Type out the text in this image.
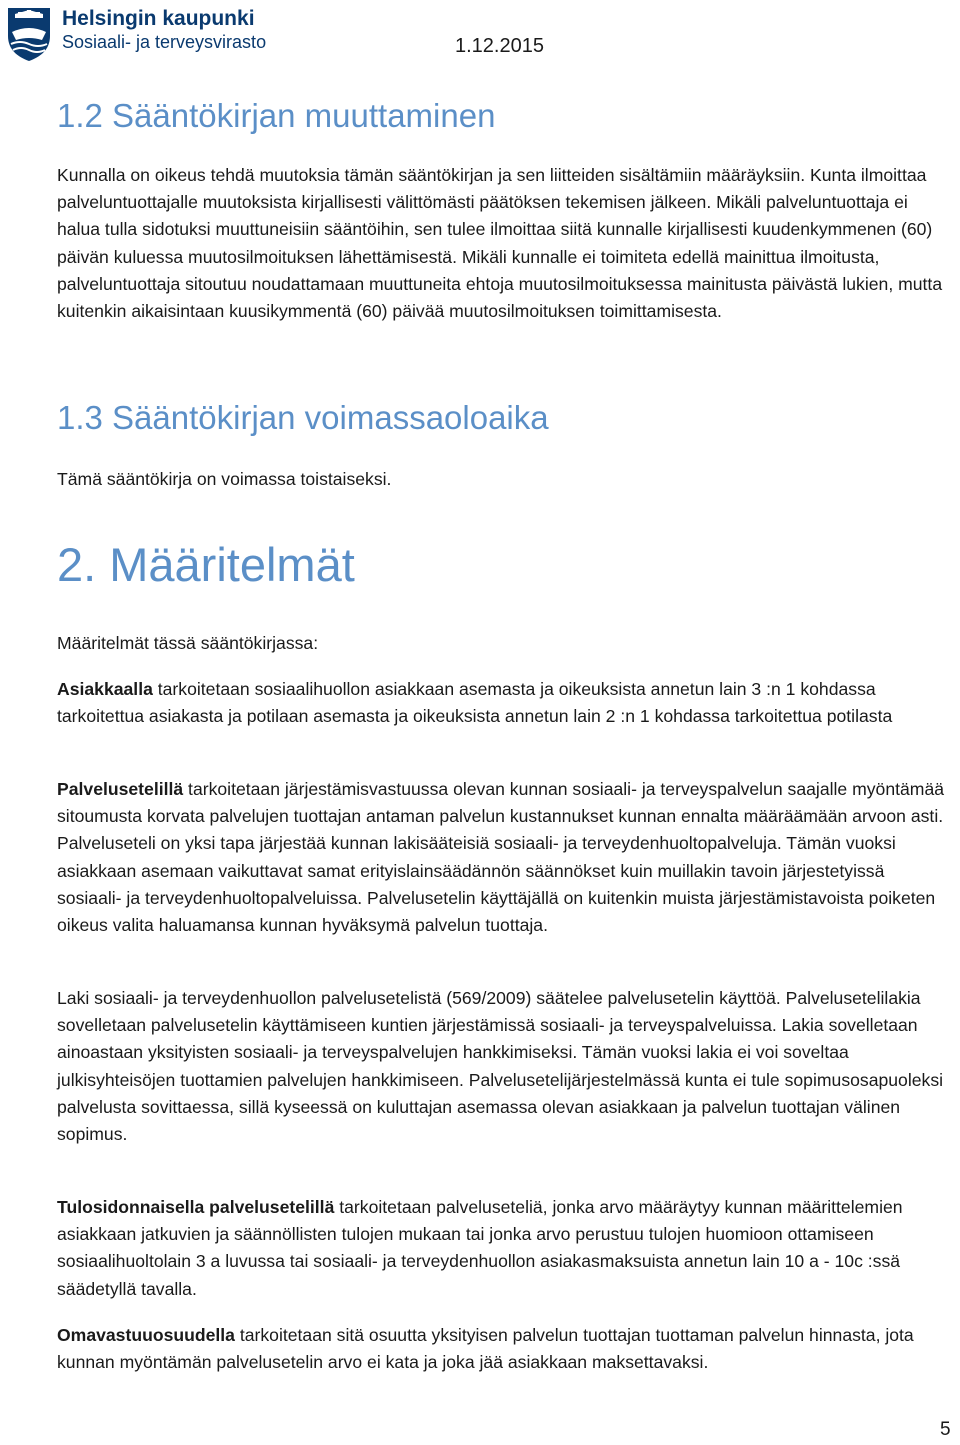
Helsingin kaupunki
Sosiaali- ja terveysvirasto	1.12.2015
1.2 Sääntökirjan muuttaminen
Kunnalla on oikeus tehdä muutoksia tämän sääntökirjan ja sen liitteiden sisältämiin määräyksiin. Kunta ilmoittaa palveluntuottajalle muutoksista kirjallisesti välittömästi päätöksen tekemisen jälkeen. Mikäli palveluntuottaja ei halua tulla sidotuksi muuttuneisiin sääntöihin, sen tulee ilmoittaa siitä kunnalle kirjallisesti kuudenkymmenen (60) päivän kuluessa muutosilmoituksen lähettämisestä. Mikäli kunnalle ei toimiteta edellä mainittua ilmoitusta, palveluntuottaja sitoutuu noudattamaan muuttuneita ehtoja muutosilmoituksessa mainitusta päivästä lukien, mutta kuitenkin aikaisintaan kuusikymmentä (60) päivää muutosilmoituksen toimittamisesta.
1.3 Sääntökirjan voimassaoloaika
Tämä sääntökirja on voimassa toistaiseksi.
2. Määritelmät
Määritelmät tässä sääntökirjassa:
Asiakkaalla tarkoitetaan sosiaalihuollon asiakkaan asemasta ja oikeuksista annetun lain 3 :n 1 kohdassa tarkoitettua asiakasta ja potilaan asemasta ja oikeuksista annetun lain 2 :n 1 kohdassa tarkoitettua potilasta
Palvelusetelillä tarkoitetaan järjestämisvastuussa olevan kunnan sosiaali- ja terveyspalvelun saajalle myöntämää sitoumusta korvata palvelujen tuottajan antaman palvelun kustannukset kunnan ennalta määräämään arvoon asti. Palveluseteli on yksi tapa järjestää kunnan lakisääteisiä sosiaali- ja terveydenhuoltopalveluja. Tämän vuoksi asiakkaan asemaan vaikuttavat samat erityislainsäädännön säännökset kuin muillakin tavoin järjestetyissä sosiaali- ja terveydenhuoltopalveluissa. Palvelusetelin käyttäjällä on kuitenkin muista järjestämistavoista poiketen oikeus valita haluamansa kunnan hyväksymä palvelun tuottaja.
Laki sosiaali- ja terveydenhuollon palvelusetelistä (569/2009) säätelee palvelusetelin käyttöä. Palvelusetelilakia sovelletaan palvelusetelin käyttämiseen kuntien järjestämissä sosiaali- ja terveyspalveluissa. Lakia sovelletaan ainoastaan yksityisten sosiaali- ja terveyspalvelujen hankkimiseksi. Tämän vuoksi lakia ei voi soveltaa julkisyhteisöjen tuottamien palvelujen hankkimiseen. Palvelusetelijärjestelmässä kunta ei tule sopimusosapuoleksi palvelusta sovittaessa, sillä kyseessä on kuluttajan asemassa olevan asiakkaan ja palvelun tuottajan välinen sopimus.
Tulosidonnaisella palvelusetelillä tarkoitetaan palveluseteliä, jonka arvo määräytyy kunnan määrittelemien asiakkaan jatkuvien ja säännöllisten tulojen mukaan tai jonka arvo perustuu tulojen huomioon ottamiseen sosiaalihuoltolain 3 a luvussa tai sosiaali- ja terveydenhuollon asiakasmaksuista annetun lain 10 a - 10c :ssä säädetyllä tavalla.
Omavastuuosuudella tarkoitetaan sitä osuutta yksityisen palvelun tuottajan tuottaman palvelun hinnasta, jota kunnan myöntämän palvelusetelin arvo ei kata ja joka jää asiakkaan maksettavaksi.
5
